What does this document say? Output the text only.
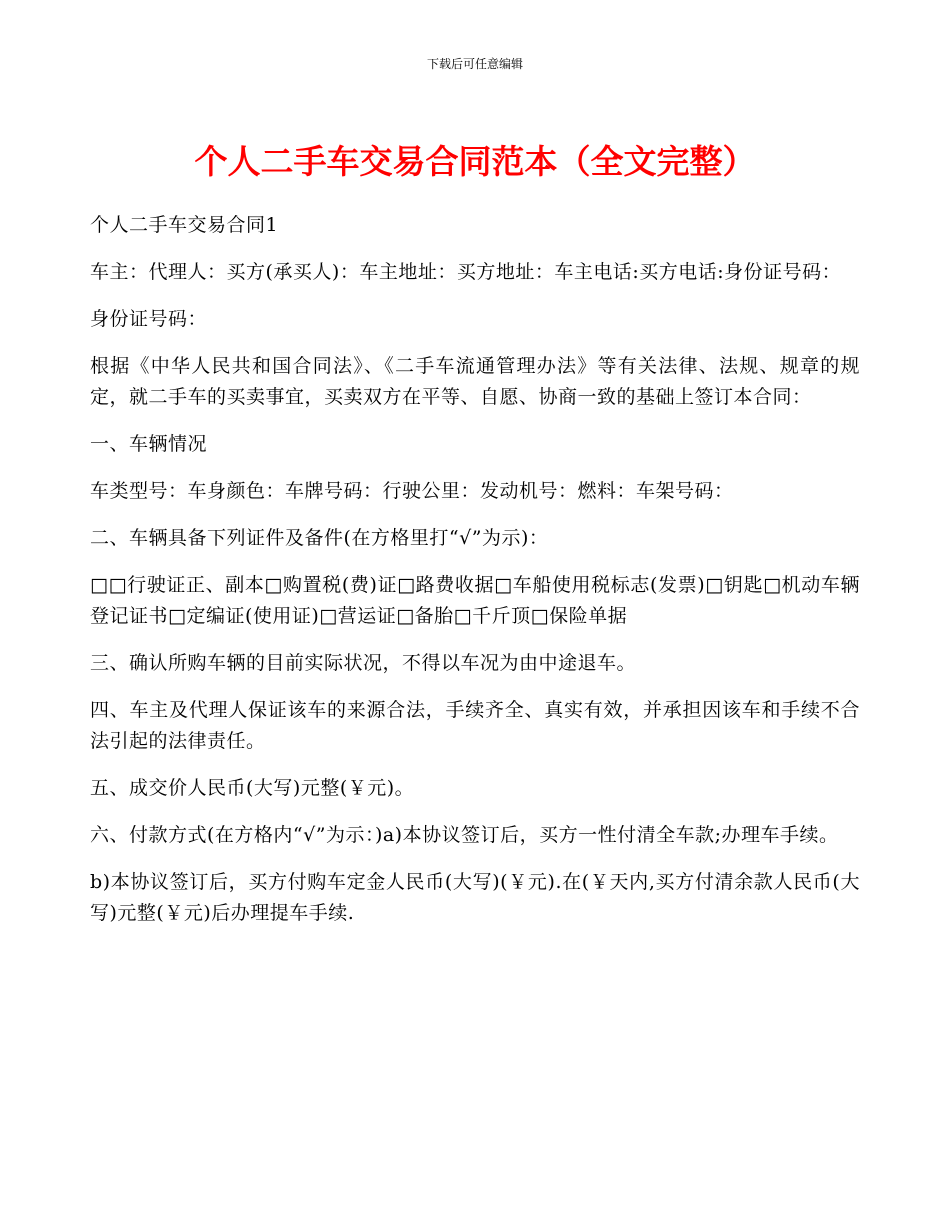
下载后可任意编辑
个人二手车交易合同范本（全文完整）

个人二手车交易合同1

车主：代理人：买方(承买人)：车主地址：买方地址：车主电话:买方电话:身份证号码：

身份证号码：

根据《中华人民共和国合同法》、《二手车流通管理办法》等有关法律、法规、规章的规定，就二手车的买卖事宜，买卖双方在平等、自愿、协商一致的基础上签订本合同：

一、车辆情况

车类型号：车身颜色：车牌号码：行驶公里：发动机号：燃料：车架号码：

二、车辆具备下列证件及备件(在方格里打“√”为示)：

□□行驶证正、副本□购置税(费)证□路费收据□车船使用税标志(发票)□钥匙□机动车辆登记证书□定编证(使用证)□营运证□备胎□千斤顶□保险单据

三、确认所购车辆的目前实际状况，不得以车况为由中途退车。

四、车主及代理人保证该车的来源合法，手续齐全、真实有效，并承担因该车和手续不合法引起的法律责任。

五、成交价人民币(大写)元整(￥元)。

六、付款方式(在方格内“√”为示：)a)本协议签订后，买方一性付清全车款;办理车手续。

b)本协议签订后，买方付购车定金人民币(大写)(￥元).在(￥天内,买方付清余款人民币(大写)元整(￥元)后办理提车手续.
